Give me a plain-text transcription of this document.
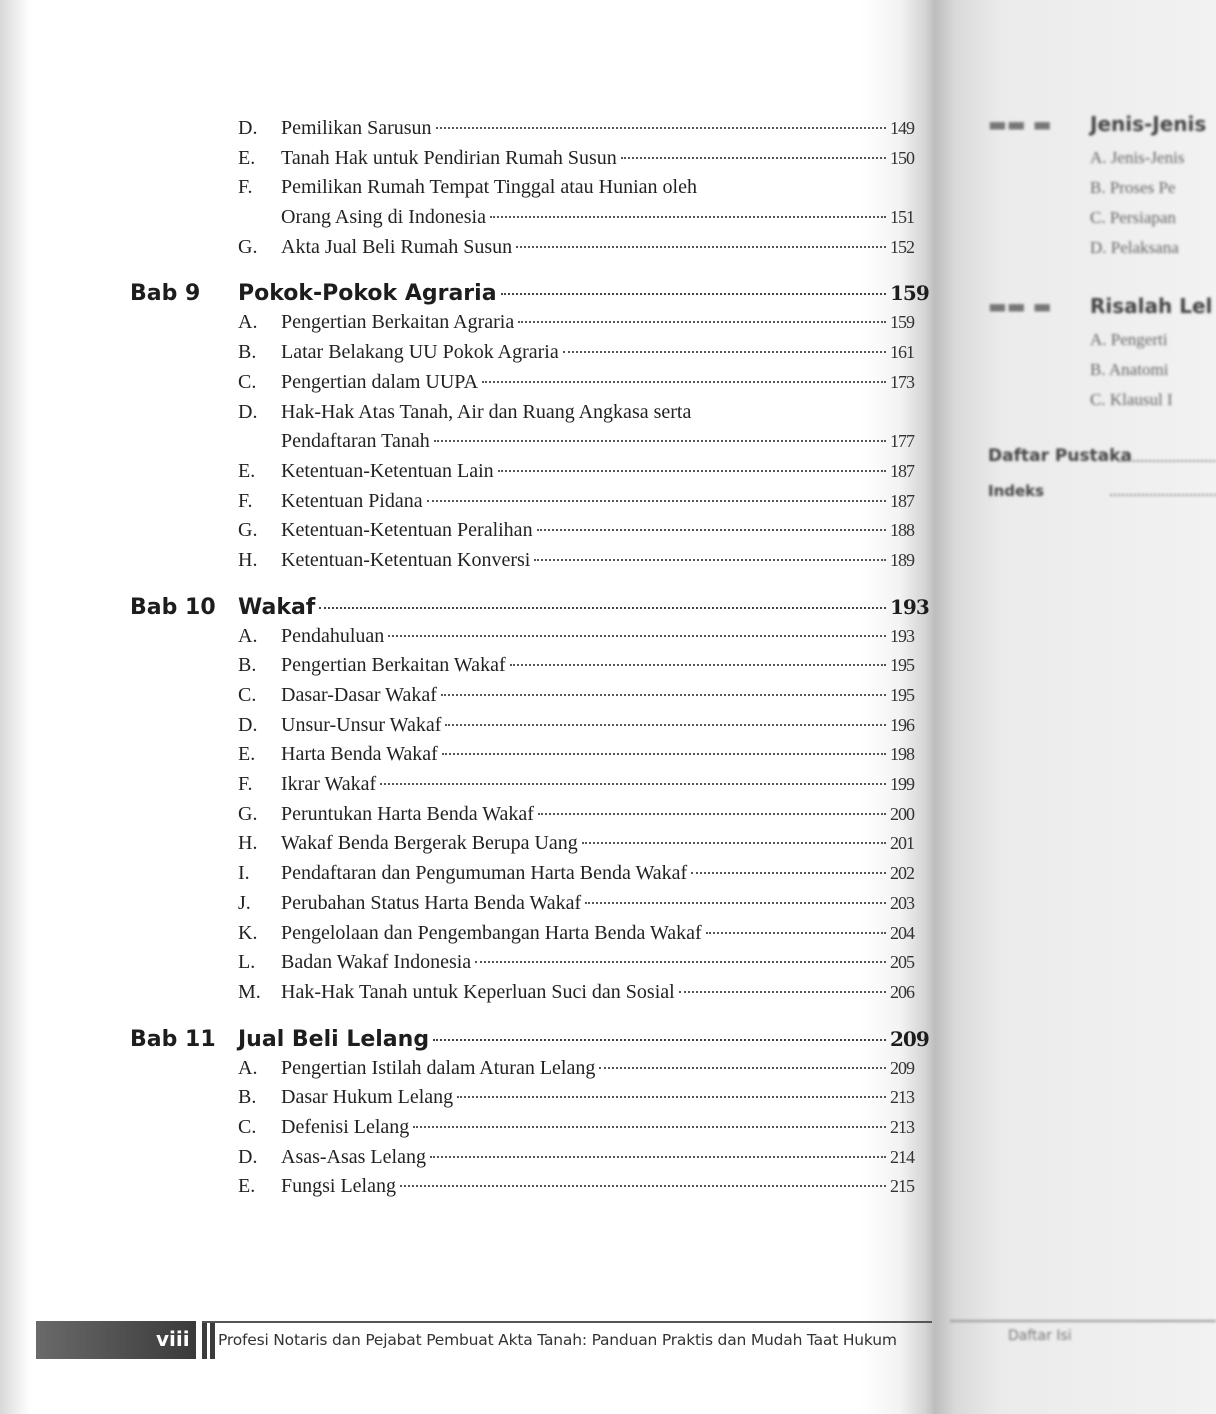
D.	Pemilikan Sarusun	149
E.	Tanah Hak untuk Pendirian Rumah Susun	150
F.	Pemilikan Rumah Tempat Tinggal atau Hunian oleh
Orang Asing di Indonesia	151
G.	Akta Jual Beli Rumah Susun	152
Bab 9	Pokok-Pokok Agraria	159
A.	Pengertian Berkaitan Agraria	159
B.	Latar Belakang UU Pokok Agraria	161
C.	Pengertian dalam UUPA	173
D.	Hak-Hak Atas Tanah, Air dan Ruang Angkasa serta
Pendaftaran Tanah	177
E.	Ketentuan-Ketentuan Lain	187
F.	Ketentuan Pidana	187
G.	Ketentuan-Ketentuan Peralihan	188
H.	Ketentuan-Ketentuan Konversi	189
Bab 10	Wakaf	193
A.	Pendahuluan	193
B.	Pengertian Berkaitan Wakaf	195
C.	Dasar-Dasar Wakaf	195
D.	Unsur-Unsur Wakaf	196
E.	Harta Benda Wakaf	198
F.	Ikrar Wakaf	199
G.	Peruntukan Harta Benda Wakaf	200
H.	Wakaf Benda Bergerak Berupa Uang	201
I.	Pendaftaran dan Pengumuman Harta Benda Wakaf	202
J.	Perubahan Status Harta Benda Wakaf	203
K.	Pengelolaan dan Pengembangan Harta Benda Wakaf	204
L.	Badan Wakaf Indonesia	205
M.	Hak-Hak Tanah untuk Keperluan Suci dan Sosial	206
Bab 11	Jual Beli Lelang	209
A.	Pengertian Istilah dalam Aturan Lelang	209
B.	Dasar Hukum Lelang	213
C.	Defenisi Lelang	213
D.	Asas-Asas Lelang	214
E.	Fungsi Lelang	215
viii Profesi Notaris dan Pejabat Pembuat Akta Tanah: Panduan Praktis dan Mudah Taat Hukum
▬▬ ▬ Jenis-Jenis
A. Jenis-Jenis
B. Proses Pe
C. Persiapan
D. Pelaksana
▬▬ ▬ Risalah Lel
A. Pengerti
B. Anatomi
C. Klausul I
Daftar Pustaka
Indeks
Daftar Isi
